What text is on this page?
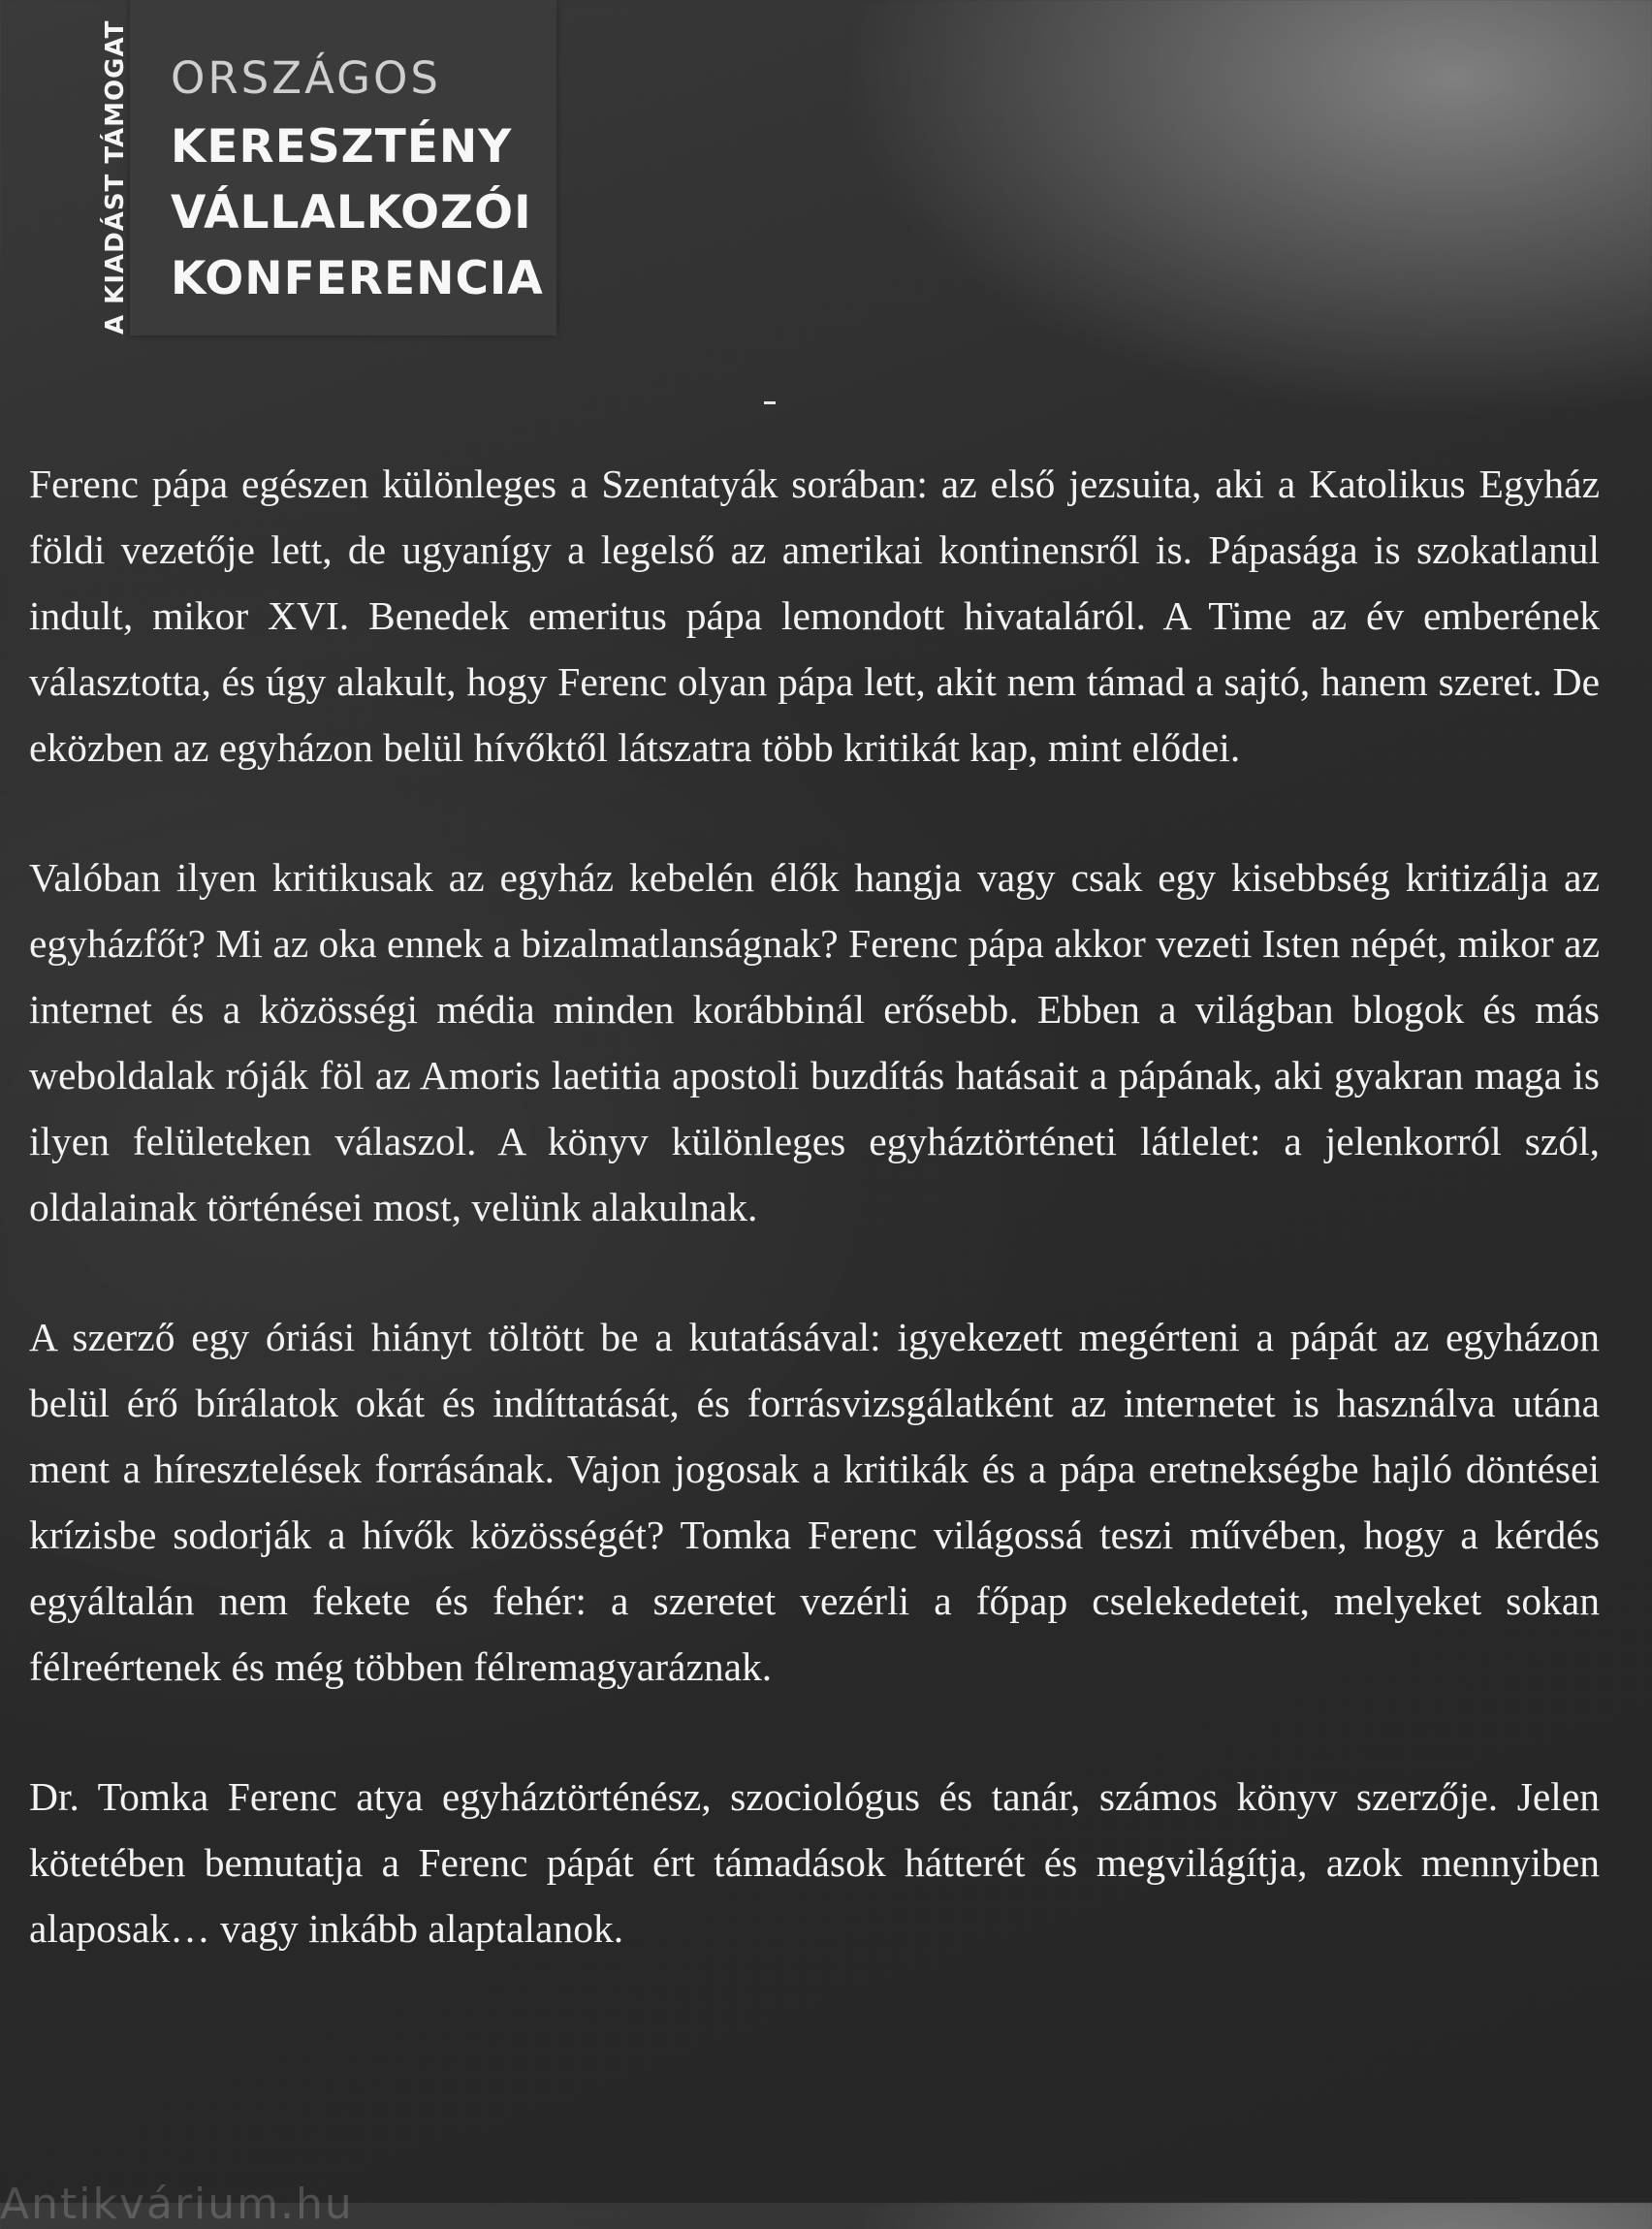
A KIADÁST TÁMOGAT ORSZÁGOS
KERESZTÉNY
VÁLLALKOZÓI
KONFERENCIA

Ferenc pápa egészen különleges a Szentatyák sorában: az első jezsuita, aki a Katolikus Egyház földi vezetője lett, de ugyanígy a legelső az amerikai kontinensről is. Pápasága is szokatlanul indult, mikor XVI. Benedek emeritus pápa lemondott hivataláról. A Time az év emberének választotta, és úgy alakult, hogy Ferenc olyan pápa lett, akit nem támad a sajtó, hanem szeret. De eközben az egyházon belül hívőktől látszatra több kritikát kap, mint elődei.

Valóban ilyen kritikusak az egyház kebelén élők hangja vagy csak egy kisebbség kritizálja az egyházfőt? Mi az oka ennek a bizalmatlanságnak? Ferenc pápa akkor vezeti Isten népét, mikor az internet és a közösségi média minden korábbinál erősebb. Ebben a világban blogok és más weboldalak róják föl az Amoris laetitia apostoli buzdítás hatásait a pápának, aki gyakran maga is ilyen felületeken válaszol. A könyv különleges egyháztörténeti látlelet: a jelenkorról szól, oldalainak történései most, velünk alakulnak.

A szerző egy óriási hiányt töltött be a kutatásával: igyekezett megérteni a pápát az egyházon belül érő bírálatok okát és indíttatását, és forrásvizsgálatként az internetet is használva utána ment a híresztelések forrásának. Vajon jogosak a kritikák és a pápa eretnekségbe hajló döntései krízisbe sodorják a hívők közösségét? Tomka Ferenc világossá teszi művében, hogy a kérdés egyáltalán nem fekete és fehér: a szeretet vezérli a főpap cselekedeteit, melyeket sokan félreértenek és még többen félremagyaráznak.

Dr. Tomka Ferenc atya egyháztörténész, szociológus és tanár, számos könyv szerzője. Jelen kötetében bemutatja a Ferenc pápát ért támadások hátterét és megvilágítja, azok mennyiben alaposak… vagy inkább alaptalanok.

Antikvárium.hu
